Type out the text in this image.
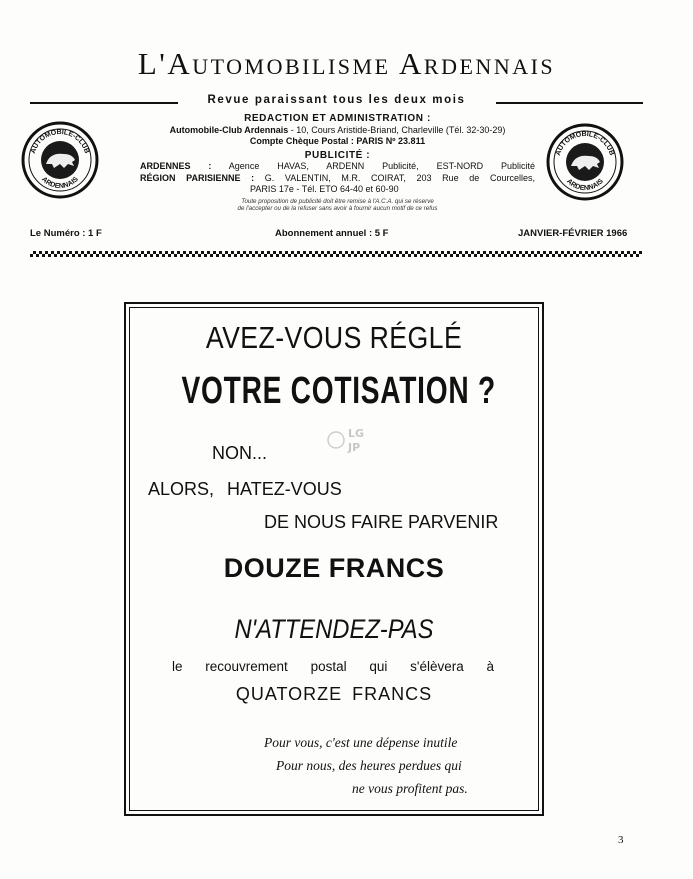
L'Automobilisme Ardennais
Revue paraissant tous les deux mois
AUTOMOBILE-CLUB
ARDENNAIS
AUTOMOBILE-CLUB
ARDENNAIS
REDACTION ET ADMINISTRATION :
Automobile-Club Ardennais - 10, Cours Aristide-Briand, Charleville (Tél. 32-30-29)
Compte Chèque Postal : PARIS Nº 23.811
PUBLICITÉ :
ARDENNES : Agence HAVAS, ARDENN Publicité, EST-NORD Publicité
RÉGION PARISIENNE : G. VALENTIN, M.R. COIRAT, 203 Rue de Courcelles,
PARIS 17e - Tél. ETO 64-40 et 60-90
Toute proposition de publicité doit être remise à l'A.C.A. qui se réserve
de l'accepter ou de la refuser sans avoir à fournir aucun motif de ce refus
Le Numéro : 1 F	Abonnement annuel : 5 F	JANVIER-FÉVRIER 1966
AVEZ-VOUS RÉGLÉ
VOTRE COTISATION ?
NON...
ALORS, HATEZ-VOUS
DE NOUS FAIRE PARVENIR
DOUZE FRANCS
N'ATTENDEZ-PAS
le recouvrement postal qui s'élèvera à
QUATORZE FRANCS
Pour vous, c'est une dépense inutile
Pour nous, des heures perdues qui
ne vous profitent pas.
LG
JP
3
